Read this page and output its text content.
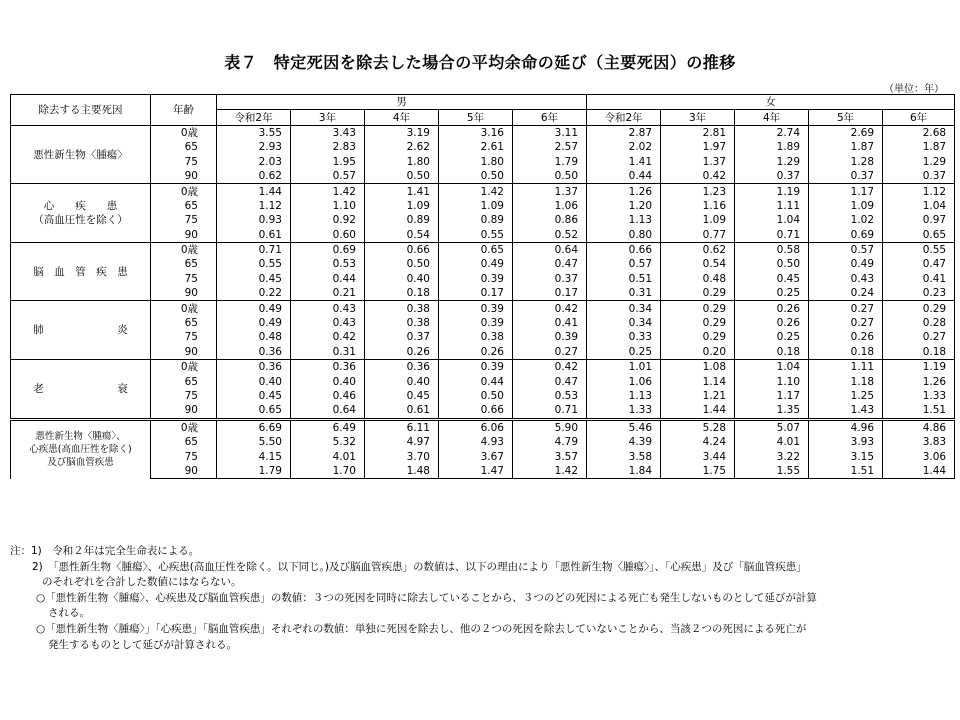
表７　特定死因を除去した場合の平均余命の延び（主要死因）の推移
（単位：年）
除去する主要死因	年齢	男					女				
		令和2年	3年	4年	5年	6年	令和2年	3年	4年	5年	6年

悪性新生物〈腫瘍〉	0歳	3.55	3.43	3.19	3.16	3.11	2.87	2.81	2.74	2.69	2.68
	65	2.93	2.83	2.62	2.61	2.57	2.02	1.97	1.89	1.87	1.87
	75	2.03	1.95	1.80	1.80	1.79	1.41	1.37	1.29	1.28	1.29
	90	0.62	0.57	0.50	0.50	0.50	0.44	0.42	0.37	0.37	0.37

心　　疾　　患
（高血圧性を除く）	0歳	1.44	1.42	1.41	1.42	1.37	1.26	1.23	1.19	1.17	1.12
	65	1.12	1.10	1.09	1.09	1.06	1.20	1.16	1.11	1.09	1.04
	75	0.93	0.92	0.89	0.89	0.86	1.13	1.09	1.04	1.02	0.97
	90	0.61	0.60	0.54	0.55	0.52	0.80	0.77	0.71	0.69	0.65

脳　血　管　疾　患	0歳	0.71	0.69	0.66	0.65	0.64	0.66	0.62	0.58	0.57	0.55
	65	0.55	0.53	0.50	0.49	0.47	0.57	0.54	0.50	0.49	0.47
	75	0.45	0.44	0.40	0.39	0.37	0.51	0.48	0.45	0.43	0.41
	90	0.22	0.21	0.18	0.17	0.17	0.31	0.29	0.25	0.24	0.23

肺　　　　　　　炎	0歳	0.49	0.43	0.38	0.39	0.42	0.34	0.29	0.26	0.27	0.29
	65	0.49	0.43	0.38	0.39	0.41	0.34	0.29	0.26	0.27	0.28
	75	0.48	0.42	0.37	0.38	0.39	0.33	0.29	0.25	0.26	0.27
	90	0.36	0.31	0.26	0.26	0.27	0.25	0.20	0.18	0.18	0.18

老　　　　　　　衰	0歳	0.36	0.36	0.36	0.39	0.42	1.01	1.08	1.04	1.11	1.19
	65	0.40	0.40	0.40	0.44	0.47	1.06	1.14	1.10	1.18	1.26
	75	0.45	0.46	0.45	0.50	0.53	1.13	1.21	1.17	1.25	1.33
	90	0.65	0.64	0.61	0.66	0.71	1.33	1.44	1.35	1.43	1.51

悪性新生物〈腫瘍〉、
心疾患(高血圧性を除く)
及び脳血管疾患	0歳	6.69	6.49	6.11	6.06	5.90	5.46	5.28	5.07	4.96	4.86
	65	5.50	5.32	4.97	4.93	4.79	4.39	4.24	4.01	3.93	3.83
	75	4.15	4.01	3.70	3.67	3.57	3.58	3.44	3.22	3.15	3.06
	90	1.79	1.70	1.48	1.47	1.42	1.84	1.75	1.55	1.51	1.44
注：1)　令和２年は完全生命表による。
2)　「悪性新生物〈腫瘍〉、心疾患(高血圧性を除く。以下同じ。)及び脳血管疾患」の数値は、以下の理由により「悪性新生物〈腫瘍〉」、「心疾患」及び「脳血管疾患」
のそれぞれを合計した数値にはならない。
○「悪性新生物〈腫瘍〉、心疾患及び脳血管疾患」の数値：３つの死因を同時に除去していることから、３つのどの死因による死亡も発生しないものとして延びが計算
される。
○「悪性新生物〈腫瘍〉」「心疾患」「脳血管疾患」それぞれの数値：単独に死因を除去し、他の２つの死因を除去していないことから、当該２つの死因による死亡が
発生するものとして延びが計算される。
